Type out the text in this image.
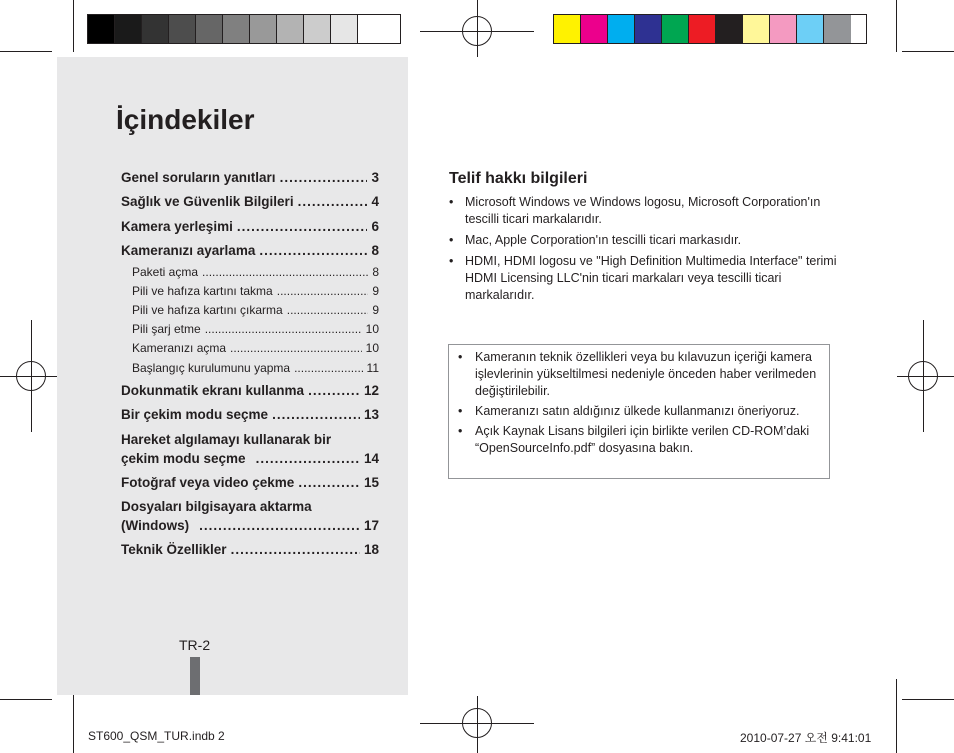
İçindekiler
Genel soruların yanıtları .....	3
Sağlık ve Güvenlik Bilgileri .....	4
Kamera yerleşimi .....	6
Kameranızı ayarlama .....	8
Paketi açma .....	8
Pili ve hafıza kartını takma .....	9
Pili ve hafıza kartını çıkarma .....	9
Pili şarj etme .....	10
Kameranızı açma .....	10
Başlangıç kurulumunu yapma .....	11
Dokunmatik ekranı kullanma .....	12
Bir çekim modu seçme .....	13
Hareket algılamayı kullanarak bir
çekim modu seçme .....	14
Fotoğraf veya video çekme .....	15
Dosyaları bilgisayara aktarma
(Windows) .....	17
Teknik Özellikler .....	18
TR-2
Telif hakkı bilgileri
• Microsoft Windows ve Windows logosu, Microsoft Corporation'ın tescilli ticari markalarıdır.
• Mac, Apple Corporation'ın tescilli ticari markasıdır.
• HDMI, HDMI logosu ve "High Definition Multimedia Interface" terimi HDMI Licensing LLC'nin ticari markaları veya tescilli ticari markalarıdır.
• Kameranın teknik özellikleri veya bu kılavuzun içeriği kamera işlevlerinin yükseltilmesi nedeniyle önceden haber verilmeden değiştirilebilir.
• Kameranızı satın aldığınız ülkede kullanmanızı öneriyoruz.
• Açık Kaynak Lisans bilgileri için birlikte verilen CD-ROM’daki “OpenSourceInfo.pdf” dosyasına bakın.
ST600_QSM_TUR.indb 2	2010-07-27 오전 9:41:01
